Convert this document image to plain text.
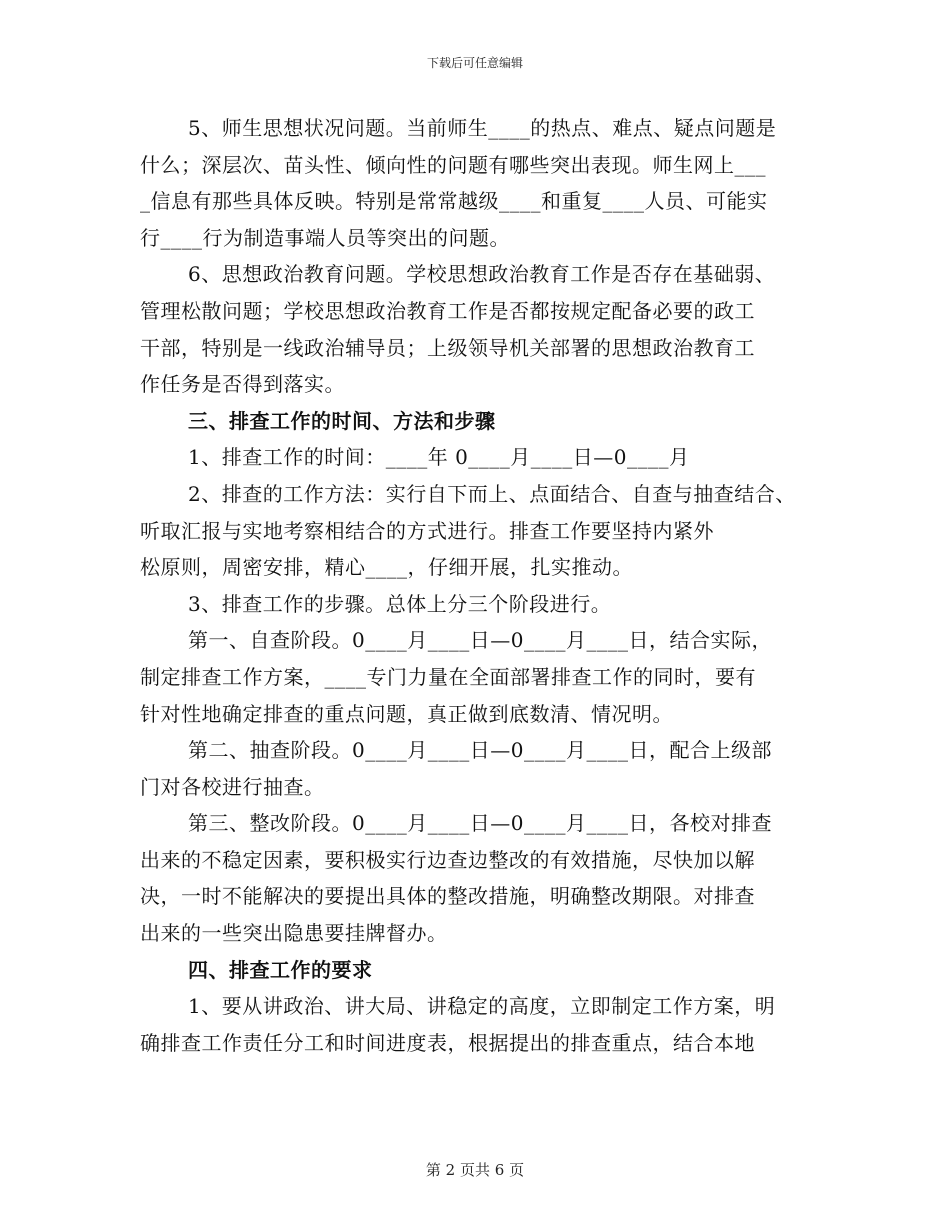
下载后可任意编辑
5、师生思想状况问题。当前师生____的热点、难点、疑点问题是
什么；深层次、苗头性、倾向性的问题有哪些突出表现。师生网上___
_信息有那些具体反映。特别是常常越级____和重复____人员、可能实
行____行为制造事端人员等突出的问题。
6、思想政治教育问题。学校思想政治教育工作是否存在基础弱、
管理松散问题；学校思想政治教育工作是否都按规定配备必要的政工
干部，特别是一线政治辅导员；上级领导机关部署的思想政治教育工
作任务是否得到落实。
三、排查工作的时间、方法和步骤
1、排查工作的时间：____年 0____月____日—0____月
2、排查的工作方法：实行自下而上、点面结合、自查与抽查结合、
听取汇报与实地考察相结合的方式进行。排查工作要坚持内紧外
松原则，周密安排，精心____，仔细开展，扎实推动。
3、排查工作的步骤。总体上分三个阶段进行。
第一、自查阶段。0____月____日—0____月____日，结合实际，
制定排查工作方案，____专门力量在全面部署排查工作的同时，要有
针对性地确定排查的重点问题，真正做到底数清、情况明。
第二、抽查阶段。0____月____日—0____月____日，配合上级部
门对各校进行抽查。
第三、整改阶段。0____月____日—0____月____日，各校对排查
出来的不稳定因素，要积极实行边查边整改的有效措施，尽快加以解
决，一时不能解决的要提出具体的整改措施，明确整改期限。对排查
出来的一些突出隐患要挂牌督办。
四、排查工作的要求
1、要从讲政治、讲大局、讲稳定的高度，立即制定工作方案，明
确排查工作责任分工和时间进度表，根据提出的排查重点，结合本地
第 2 页共 6 页
